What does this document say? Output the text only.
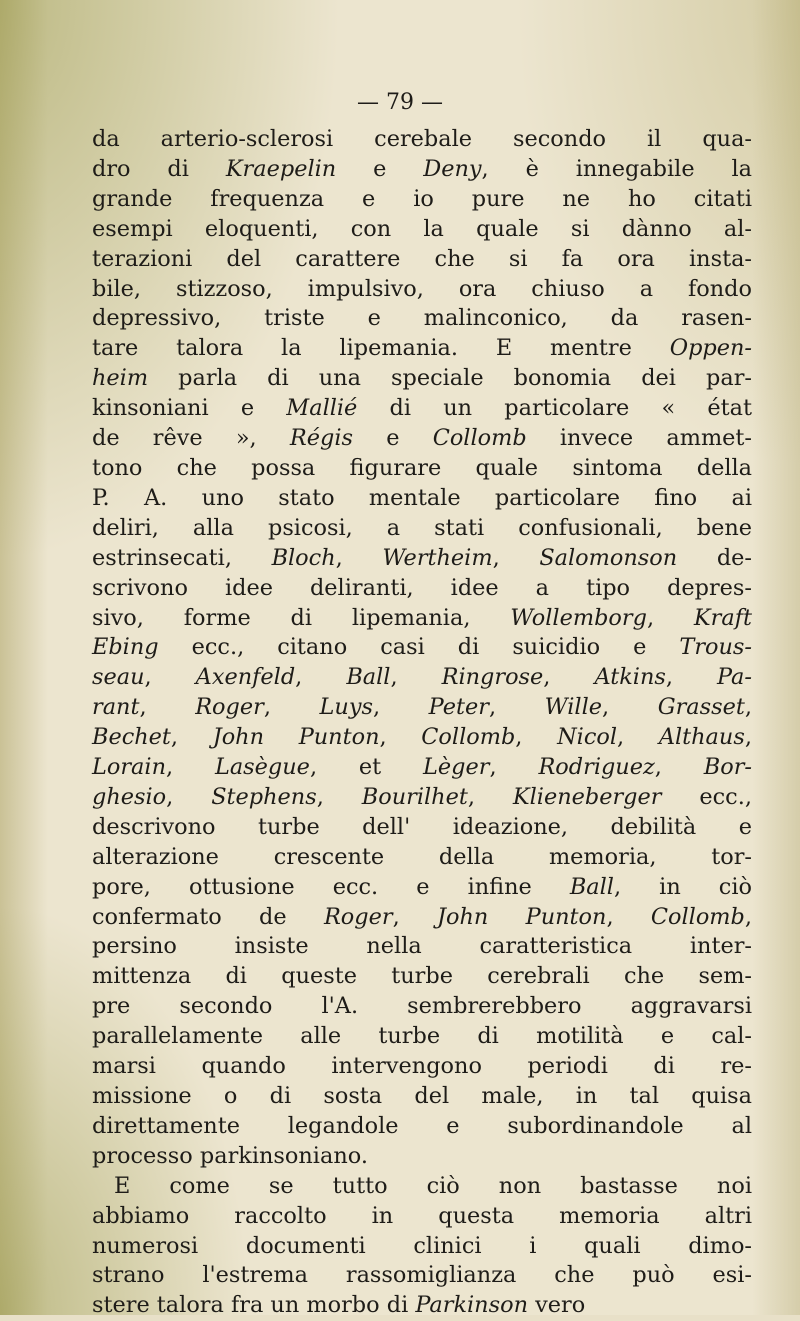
— 79 —
da arterio-sclerosi cerebale secondo il qua-
dro di Kraepelin e Deny, è innegabile la
grande frequenza e io pure ne ho citati
esempi eloquenti, con la quale si dànno al-
terazioni del carattere che si fa ora insta-
bile, stizzoso, impulsivo, ora chiuso a fondo
depressivo, triste e malinconico, da rasen-
tare talora la lipemania. E mentre Oppen-
heim parla di una speciale bonomia dei par-
kinsoniani e Mallié di un particolare « état
de rêve », Régis e Collomb invece ammet-
tono che possa figurare quale sintoma della
P. A. uno stato mentale particolare fino ai
deliri, alla psicosi, a stati confusionali, bene
estrinsecati, Bloch, Wertheim, Salomonson de-
scrivono idee deliranti, idee a tipo depres-
sivo, forme di lipemania, Wollemborg, Kraft
Ebing ecc., citano casi di suicidio e Trous-
seau, Axenfeld, Ball, Ringrose, Atkins, Pa-
rant, Roger, Luys, Peter, Wille, Grasset,
Bechet, John Punton, Collomb, Nicol, Althaus,
Lorain, Lasègue, et Lèger, Rodriguez, Bor-
ghesio, Stephens, Bourilhet, Klieneberger ecc.,
descrivono turbe dell' ideazione, debilità e
alterazione crescente della memoria, tor-
pore, ottusione ecc. e infine Ball, in ciò
confermato de Roger, John Punton, Collomb,
persino insiste nella caratteristica inter-
mittenza di queste turbe cerebrali che sem-
pre secondo l'A. sembrerebbero aggravarsi
parallelamente alle turbe di motilità e cal-
marsi quando intervengono periodi di re-
missione o di sosta del male, in tal quisa
direttamente legandole e subordinandole al
processo parkinsoniano.
E come se tutto ciò non bastasse noi
abbiamo raccolto in questa memoria altri
numerosi documenti clinici i quali dimo-
strano l'estrema rassomiglianza che può esi-
stere talora fra un morbo di Parkinson vero
